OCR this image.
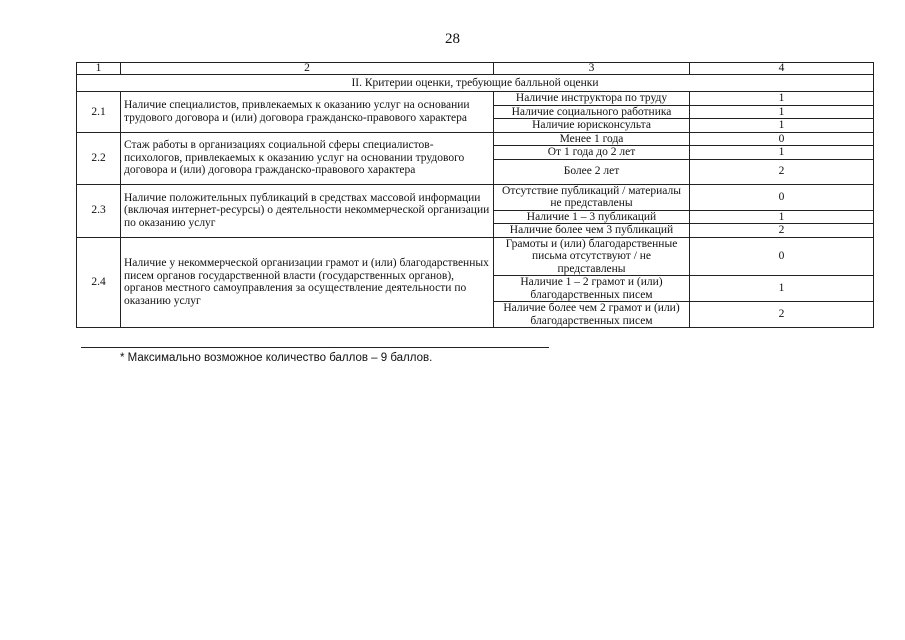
28
1	2	3	4
II. Критерии оценки, требующие балльной оценки			
2.1	Наличие специалистов, привлекаемых к оказанию услуг на основании трудового договора и (или) договора гражданско-правового характера	Наличие инструктора по труду	1
		Наличие социального работника	1
		Наличие юрисконсульта	1
2.2	Стаж работы в организациях социальной сферы специалистов-психологов, привлекаемых к оказанию услуг на основании трудового договора и (или) договора гражданско-правового характера	Менее 1 года	0
		От 1 года до 2 лет	1
		Более 2 лет	2
2.3	Наличие положительных публикаций в средствах массовой информации (включая интернет-ресурсы) о деятельности некоммерческой организации по оказанию услуг	Отсутствие публикаций / материалы не представлены	0
		Наличие 1 – 3 публикаций	1
		Наличие более чем 3 публикаций	2
2.4	Наличие у некоммерческой организации грамот и (или) благодарственных писем органов государственной власти (государственных органов), органов местного самоуправления за осуществление деятельности по оказанию услуг	Грамоты и (или) благодарственные письма отсутствуют / не представлены	0
		Наличие 1 – 2 грамот и (или) благодарственных писем	1
		Наличие более чем 2 грамот и (или) благодарственных писем	2
* Максимально возможное количество баллов – 9 баллов.
